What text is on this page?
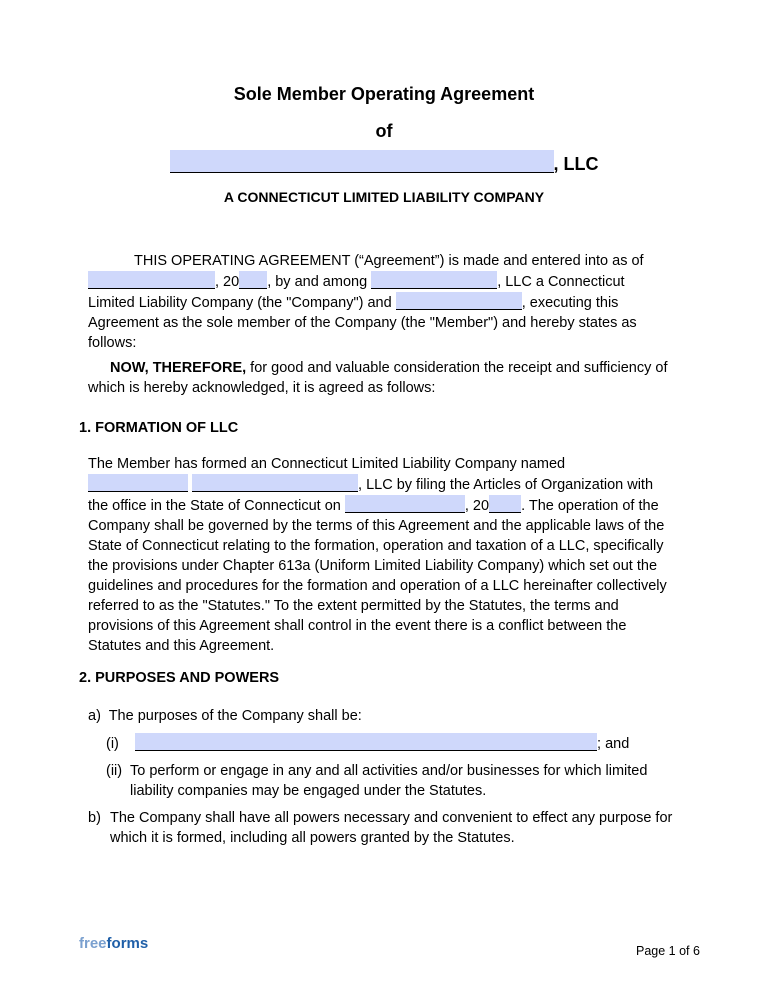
Sole Member Operating Agreement
of
, LLC
A CONNECTICUT LIMITED LIABILITY COMPANY
THIS OPERATING AGREEMENT (“Agreement”) is made and entered into as of
, 20 , by and among	, LLC a Connecticut
Limited Liability Company (the "Company") and	, executing this Agreement as the sole member of the Company (the "Member") and hereby states as follows:
NOW, THEREFORE, for good and valuable consideration the receipt and sufficiency of which is hereby acknowledged, it is agreed as follows:
1. FORMATION OF LLC
The Member has formed an Connecticut Limited Liability Company named
, LLC by filing the Articles of Organization with
the office in the State of Connecticut on	, 20 . The operation of the Company shall be governed by the terms of this Agreement and the applicable laws of the State of Connecticut relating to the formation, operation and taxation of a LLC, specifically the provisions under Chapter 613a (Uniform Limited Liability Company) which set out the guidelines and procedures for the formation and operation of a LLC hereinafter collectively referred to as the "Statutes." To the extent permitted by the Statutes, the terms and provisions of this Agreement shall control in the event there is a conflict between the Statutes and this Agreement.
2. PURPOSES AND POWERS
a) The purposes of the Company shall be:
(i)	; and
(ii) To perform or engage in any and all activities and/or businesses for which limited liability companies may be engaged under the Statutes.
b) The Company shall have all powers necessary and convenient to effect any purpose for which it is formed, including all powers granted by the Statutes.
freeforms	Page 1 of 6
